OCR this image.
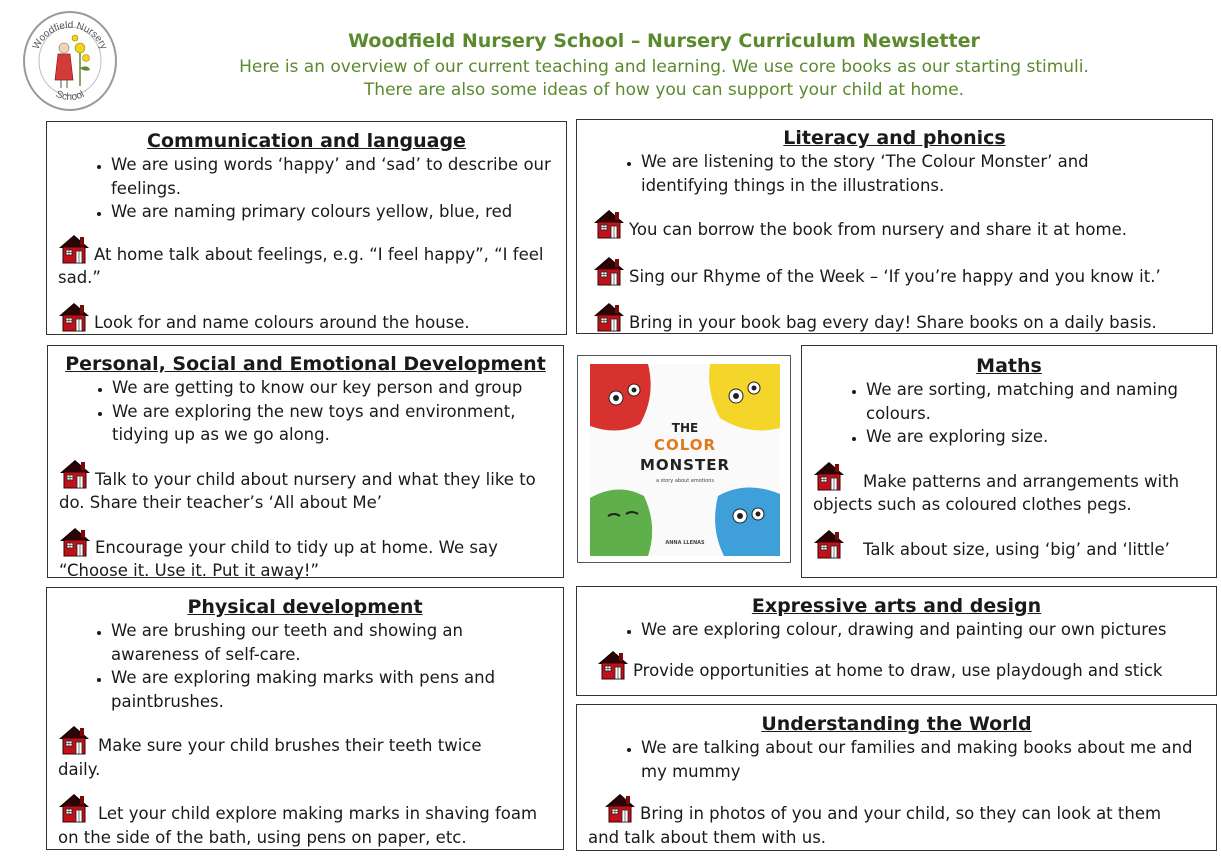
Woodfield Nursery
School
Woodfield Nursery School – Nursery Curriculum Newsletter
Here is an overview of our current teaching and learning. We use core books as our starting stimuli.
There are also some ideas of how you can support your child at home.
Communication and language
• We are using words ‘happy’ and ‘sad’ to describe our feelings.
• We are naming primary colours yellow, blue, red

At home talk about feelings, e.g. “I feel happy”, “I feel sad.”

Look for and name colours around the house.

Literacy and phonics
• We are listening to the story ‘The Colour Monster’ and identifying things in the illustrations.

You can borrow the book from nursery and share it at home.

Sing our Rhyme of the Week – ‘If you’re happy and you know it.’

Bring in your book bag every day! Share books on a daily basis.

Personal, Social and Emotional Development
• We are getting to know our key person and group
• We are exploring the new toys and environment, tidying up as we go along.

Talk to your child about nursery and what they like to do. Share their teacher’s ‘All about Me’

Encourage your child to tidy up at home. We say “Choose it. Use it. Put it away!”

THE
COLOR
MONSTER
a story about emotions
ANNA LLENAS
Maths
• We are sorting, matching and naming colours.
• We are exploring size.

Make patterns and arrangements with objects such as coloured clothes pegs.

Talk about size, using ‘big’ and ‘little’

Physical development
• We are brushing our teeth and showing an awareness of self-care.
• We are exploring making marks with pens and paintbrushes.

Make sure your child brushes their teeth twice daily.

Let your child explore making marks in shaving foam on the side of the bath, using pens on paper, etc.

Expressive arts and design
• We are exploring colour, drawing and painting our own pictures

Provide opportunities at home to draw, use playdough and stick

Understanding the World
• We are talking about our families and making books about me and my mummy

Bring in photos of you and your child, so they can look at them and talk about them with us.
